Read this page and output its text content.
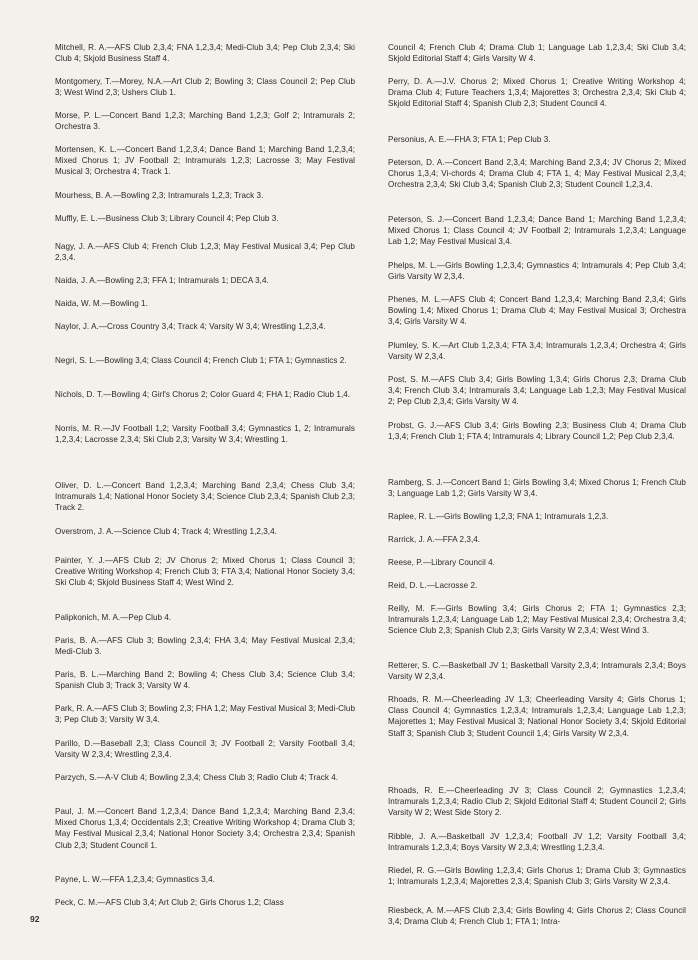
Mitchell, R. A.—AFS Club 2,3,4; FNA 1,2,3,4; Medi-Club 3,4; Pep Club 2,3,4; Ski Club 4; Skjold Business Staff 4.

Montgomery, T.—Morey, N.A.—Art Club 2; Bowling 3; Class Council 2; Pep Club 3; West Wind 2,3; Ushers Club 1.

Morse, P. L.—Concert Band 1,2,3; Marching Band 1,2,3; Golf 2; Intramurals 2; Orchestra 3.

Mortensen, K. L.—Concert Band 1,2,3,4; Dance Band 1; Marching Band 1,2,3,4; Mixed Chorus 1; JV Football 2; Intramurals 1,2,3; Lacrosse 3; May Festival Musical 3; Orchestra 4; Track 1.

Mourhess, B. A.—Bowling 2,3; Intramurals 1,2,3; Track 3.

Muffly, E. L.—Business Club 3; Library Council 4; Pep Club 3.

Nagy, J. A.—AFS Club 4; French Club 1,2,3; May Festival Musical 3,4; Pep Club 2,3,4.

Naida, J. A.—Bowling 2,3; FFA 1; Intramurals 1; DECA 3,4.

Naida, W. M.—Bowling 1.

Naylor, J. A.—Cross Country 3,4; Track 4; Varsity W 3,4; Wrestling 1,2,3,4.

Negri, S. L.—Bowling 3,4; Class Council 4; French Club 1; FTA 1; Gymnastics 2.

Nichols, D. T.—Bowling 4; Girl's Chorus 2; Color Guard 4; FHA 1; Radio Club 1,4.

Norris, M. R.—JV Football 1,2; Varsity Football 3,4; Gymnastics 1, 2; Intramurals 1,2,3,4; Lacrosse 2,3,4; Ski Club 2,3; Varsity W 3,4; Wrestling 1.

Oliver, D. L.—Concert Band 1,2,3,4; Marching Band 2,3,4; Chess Club 3,4; Intramurals 1,4; National Honor Society 3,4; Science Club 2,3,4; Spanish Club 2,3; Track 2.

Overstrom, J. A.—Science Club 4; Track 4; Wrestling 1,2,3,4.

Painter, Y. J.—AFS Club 2; JV Chorus 2; Mixed Chorus 1; Class Council 3; Creative Writing Workshop 4; French Club 3; FTA 3,4; National Honor Society 3,4; Ski Club 4; Skjold Business Staff 4; West Wind 2.

Palipkonich, M. A.—Pep Club 4.

Paris, B. A.—AFS Club 3; Bowling 2,3,4; FHA 3,4; May Festival Musical 2,3,4; Medi-Club 3.

Paris, B. L.—Marching Band 2; Bowling 4; Chess Club 3,4; Science Club 3,4; Spanish Club 3; Track 3; Varsity W 4.

Park, R. A.—AFS Club 3; Bowling 2,3; FHA 1,2; May Festival Musical 3; Medi-Club 3; Pep Club 3; Varsity W 3,4.

Parillo, D.—Baseball 2,3; Class Council 3; JV Football 2; Varsity Football 3,4; Varsity W 2,3,4; Wrestling 2,3,4.

Parzych, S.—A-V Club 4; Bowling 2,3,4; Chess Club 3; Radio Club 4; Track 4.

Paul, J. M.—Concert Band 1,2,3,4; Dance Band 1,2,3,4; Marching Band 2,3,4; Mixed Chorus 1,3,4; Occidentals 2,3; Creative Writing Workshop 4; Drama Club 3; May Festival Musical 2,3,4; National Honor Society 3,4; Orchestra 2,3,4; Spanish Club 2,3; Student Council 1.

Payne, L. W.—FFA 1,2,3,4; Gymnastics 3,4.

Peck, C. M.—AFS Club 3,4; Art Club 2; Girls Chorus 1,2; Class

Council 4; French Club 4; Drama Club 1; Language Lab 1,2,3,4; Ski Club 3,4; Skjold Editorial Staff 4; Girls Varsity W 4.

Perry, D. A.—J.V. Chorus 2; Mixed Chorus 1; Creative Writing Workshop 4; Drama Club 4; Future Teachers 1,3,4; Majorettes 3; Orchestra 2,3,4; Ski Club 4; Skjold Editorial Staff 4; Spanish Club 2,3; Student Council 4.

Personius, A. E.—FHA 3; FTA 1; Pep Club 3.

Peterson, D. A.—Concert Band 2,3,4; Marching Band 2,3,4; JV Chorus 2; Mixed Chorus 1,3,4; Vi-chords 4; Drama Club 4; FTA 1, 4; May Festival Musical 2,3,4; Orchestra 2,3,4; Ski Club 3,4; Spanish Club 2,3; Student Council 1,2,3,4.

Peterson, S. J.—Concert Band 1,2,3,4; Dance Band 1; Marching Band 1,2,3,4; Mixed Chorus 1; Class Council 4; JV Football 2; Intramurals 1,2,3,4; Language Lab 1,2; May Festival Musical 3,4.

Phelps, M. L.—Girls Bowling 1,2,3,4; Gymnastics 4; Intramurals 4; Pep Club 3,4; Girls Varsity W 2,3,4.

Phenes, M. L.—AFS Club 4; Concert Band 1,2,3,4; Marching Band 2,3,4; Girls Bowling 1,4; Mixed Chorus 1; Drama Club 4; May Festival Musical 3; Orchestra 3,4; Girls Varsity W 4.

Plumley, S. K.—Art Club 1,2,3,4; FTA 3,4; Intramurals 1,2,3,4; Orchestra 4; Girls Varsity W 2,3,4.

Post, S. M.—AFS Club 3,4; Girls Bowling 1,3,4; Girls Chorus 2,3; Drama Club 3,4; French Club 3,4; Intramurals 3,4; Language Lab 1,2,3; May Festival Musical 2; Pep Club 2,3,4; Girls Varsity W 4.

Probst, G. J.—AFS Club 3,4; Girls Bowling 2,3; Business Club 4; Drama Club 1,3,4; French Club 1; FTA 4; Intramurals 4; Library Council 1,2; Pep Club 2,3,4.

Ramberg, S. J.—Concert Band 1; Girls Bowling 3,4; Mixed Chorus 1; French Club 3; Language Lab 1,2; Girls Varsity W 3,4.

Raplee, R. L.—Girls Bowling 1,2,3; FNA 1; Intramurals 1,2,3.

Rarrick, J. A.—FFA 2,3,4.

Reese, P.—Library Council 4.

Reid, D. L.—Lacrosse 2.

Reilly, M. F.—Girls Bowling 3,4; Girls Chorus 2; FTA 1; Gymnastics 2,3; Intramurals 1,2,3,4; Language Lab 1,2; May Festival Musical 2,3,4; Orchestra 3,4; Science Club 2,3; Spanish Club 2,3; Girls Varsity W 2,3,4; West Wind 3.

Retterer, S. C.—Basketball JV 1; Basketball Varsity 2,3,4; Intramurals 2,3,4; Boys Varsity W 2,3,4.

Rhoads, R. M.—Cheerleading JV 1,3; Cheerleading Varsity 4; Girls Chorus 1; Class Council 4; Gymnastics 1,2,3,4; Intramurals 1,2,3,4; Language Lab 1,2,3; Majorettes 1; May Festival Musical 3; National Honor Society 3,4; Skjold Editorial Staff 3; Spanish Club 3; Student Council 1,4; Girls Varsity W 2,3,4.

Rhoads, R. E.—Cheerleading JV 3; Class Council 2; Gymnastics 1,2,3,4; Intramurals 1,2,3,4; Radio Club 2; Skjold Editorial Staff 4; Student Council 2; Girls Varsity W 2; West Side Story 2.

Ribble, J. A.—Basketball JV 1,2,3,4; Football JV 1,2; Varsity Football 3,4; Intramurals 1,2,3,4; Boys Varsity W 2,3,4; Wrestling 1,2,3,4.

Riedel, R. G.—Girls Bowling 1,2,3,4; Girls Chorus 1; Drama Club 3; Gymnastics 1; Intramurals 1,2,3,4; Majorettes 2,3,4; Spanish Club 3; Girls Varsity W 2,3,4.

Riesbeck, A. M.—AFS Club 2,3,4; Girls Bowling 4; Girls Chorus 2; Class Council 3,4; Drama Club 4; French Club 1; FTA 1; Intra-

92
